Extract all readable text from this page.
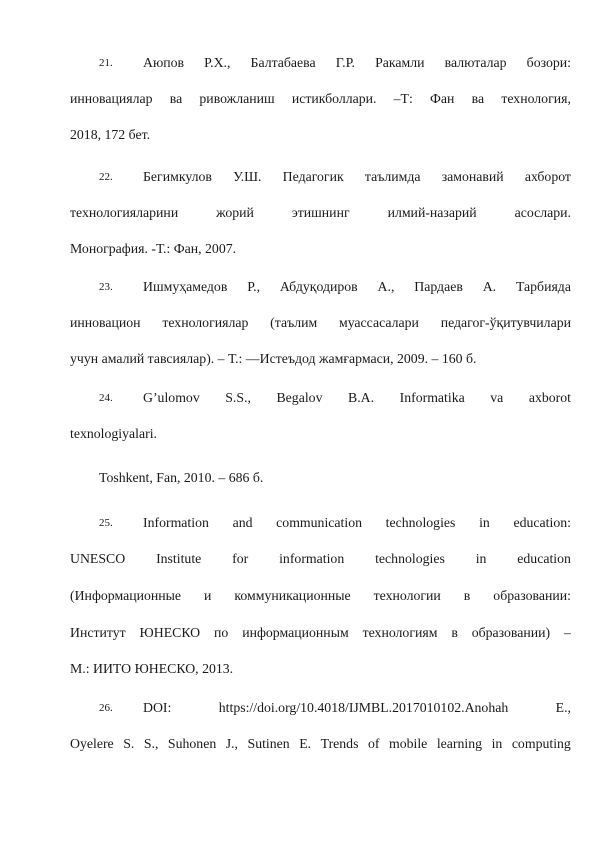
21. Аюпов Р.Х., Балтабаева Г.Р. Ракамли валюталар бозори:
инновациялар ва ривожланиш истикболлари. –Т: Фан ва технология,
2018, 172 бет.
22. Бегимкулов У.Ш. Педагогик таълимда замонавий ахборот
технологияларини	жорий	этишнинг	илмий-назарий	асослари.
Монография. -Т.: Фан, 2007.
23. Ишмуҳамедов Р., Абдуқодиров А., Пардаев А. Тарбияда
инновацион технологиялар (таълим муассасалари педагог-ўқитувчилари
учун амалий тавсиялар). – Т.: ―Истеъдод жамғармаси, 2009. – 160 б.
24. G’ulomov S.S., Begalov B.A. Informatika va axborot
texnologiyalari.
Toshkent, Fan, 2010. – 686 б.
25. Information and communication technologies in education:
UNESCO Institute for information technologies in education
(Информационные и коммуникационные технологии в образовании:
Институт ЮНЕСКО по информационным технологиям в образовании) –
М.: ИИТО ЮНЕСКО, 2013.
26. DOI:	https://doi.org/10.4018/IJMBL.2017010102.Anohah	E.,
Oyelere S. S., Suhonen J., Sutinen E. Trends of mobile learning in computing
